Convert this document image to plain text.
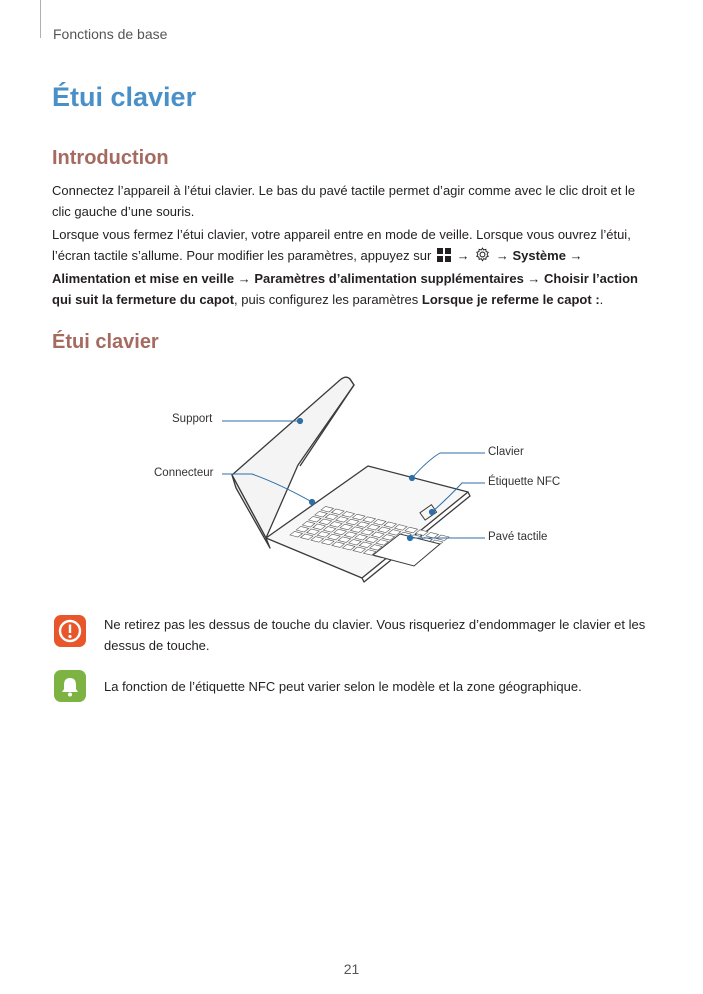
Fonctions de base
Étui clavier
Introduction
Connectez l’appareil à l’étui clavier. Le bas du pavé tactile permet d’agir comme avec le clic droit et le clic gauche d’une souris.
Lorsque vous fermez l’étui clavier, votre appareil entre en mode de veille. Lorsque vous ouvrez l’étui, l’écran tactile s’allume. Pour modifier les paramètres, appuyez sur → → Système → Alimentation et mise en veille → Paramètres d’alimentation supplémentaires → Choisir l’action qui suit la fermeture du capot, puis configurez les paramètres Lorsque je referme le capot :.
Étui clavier
Support
Connecteur
Clavier
Étiquette NFC
Pavé tactile
Ne retirez pas les dessus de touche du clavier. Vous risqueriez d’endommager le clavier et les dessus de touche.
La fonction de l’étiquette NFC peut varier selon le modèle et la zone géographique.
21
